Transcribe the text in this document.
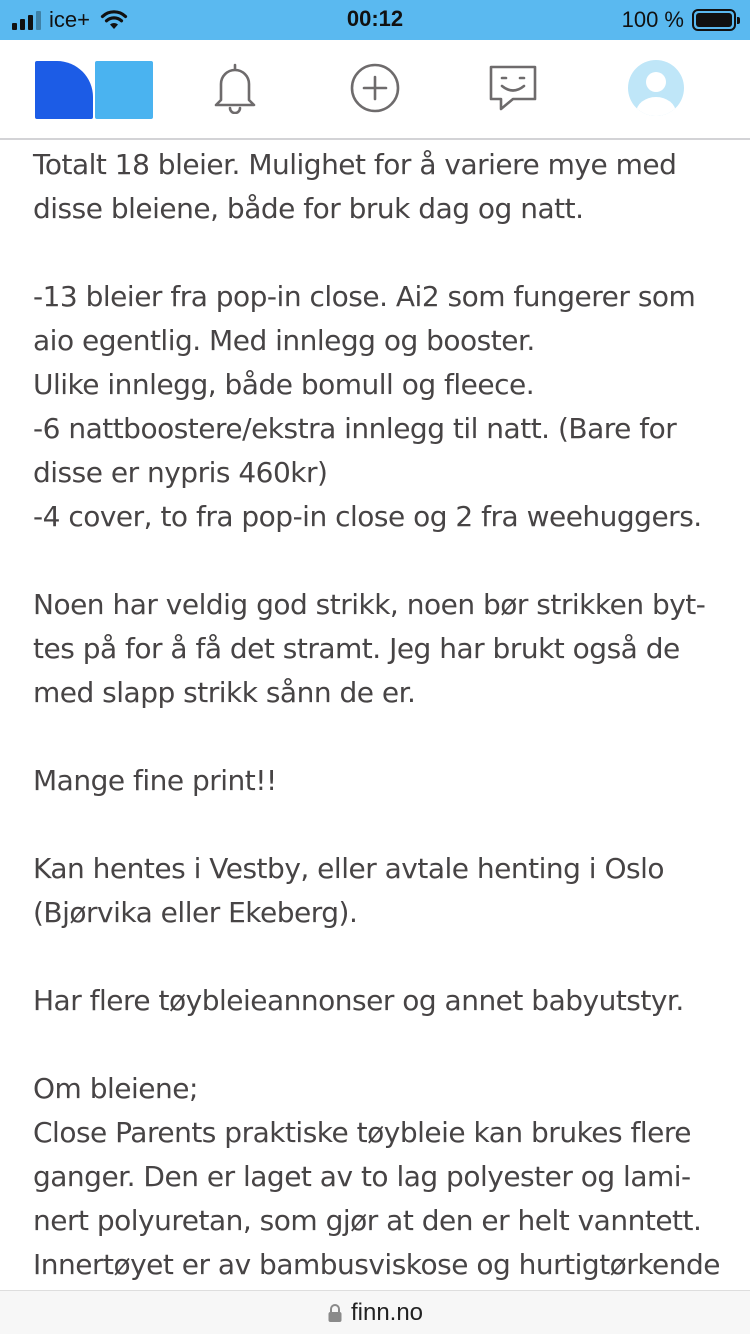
ice+	00:12	100 %
Totalt 18 bleier. Mulighet for å variere mye med
disse bleiene, både for bruk dag og natt.
-13 bleier fra pop-in close. Ai2 som fungerer som
aio egentlig. Med innlegg og booster.
Ulike innlegg, både bomull og fleece.
-6 nattboostere/ekstra innlegg til natt. (Bare for
disse er nypris 460kr)
-4 cover, to fra pop-in close og 2 fra weehuggers.
Noen har veldig god strikk, noen bør strikken byt-
tes på for å få det stramt. Jeg har brukt også de
med slapp strikk sånn de er.
Mange fine print!!
Kan hentes i Vestby, eller avtale henting i Oslo
(Bjørvika eller Ekeberg).
Har flere tøybleieannonser og annet babyutstyr.
Om bleiene;
Close Parents praktiske tøybleie kan brukes flere
ganger. Den er laget av to lag polyester og lami-
nert polyuretan, som gjør at den er helt vanntett.
Innertøyet er av bambusviskose og hurtigtørkende
finn.no
